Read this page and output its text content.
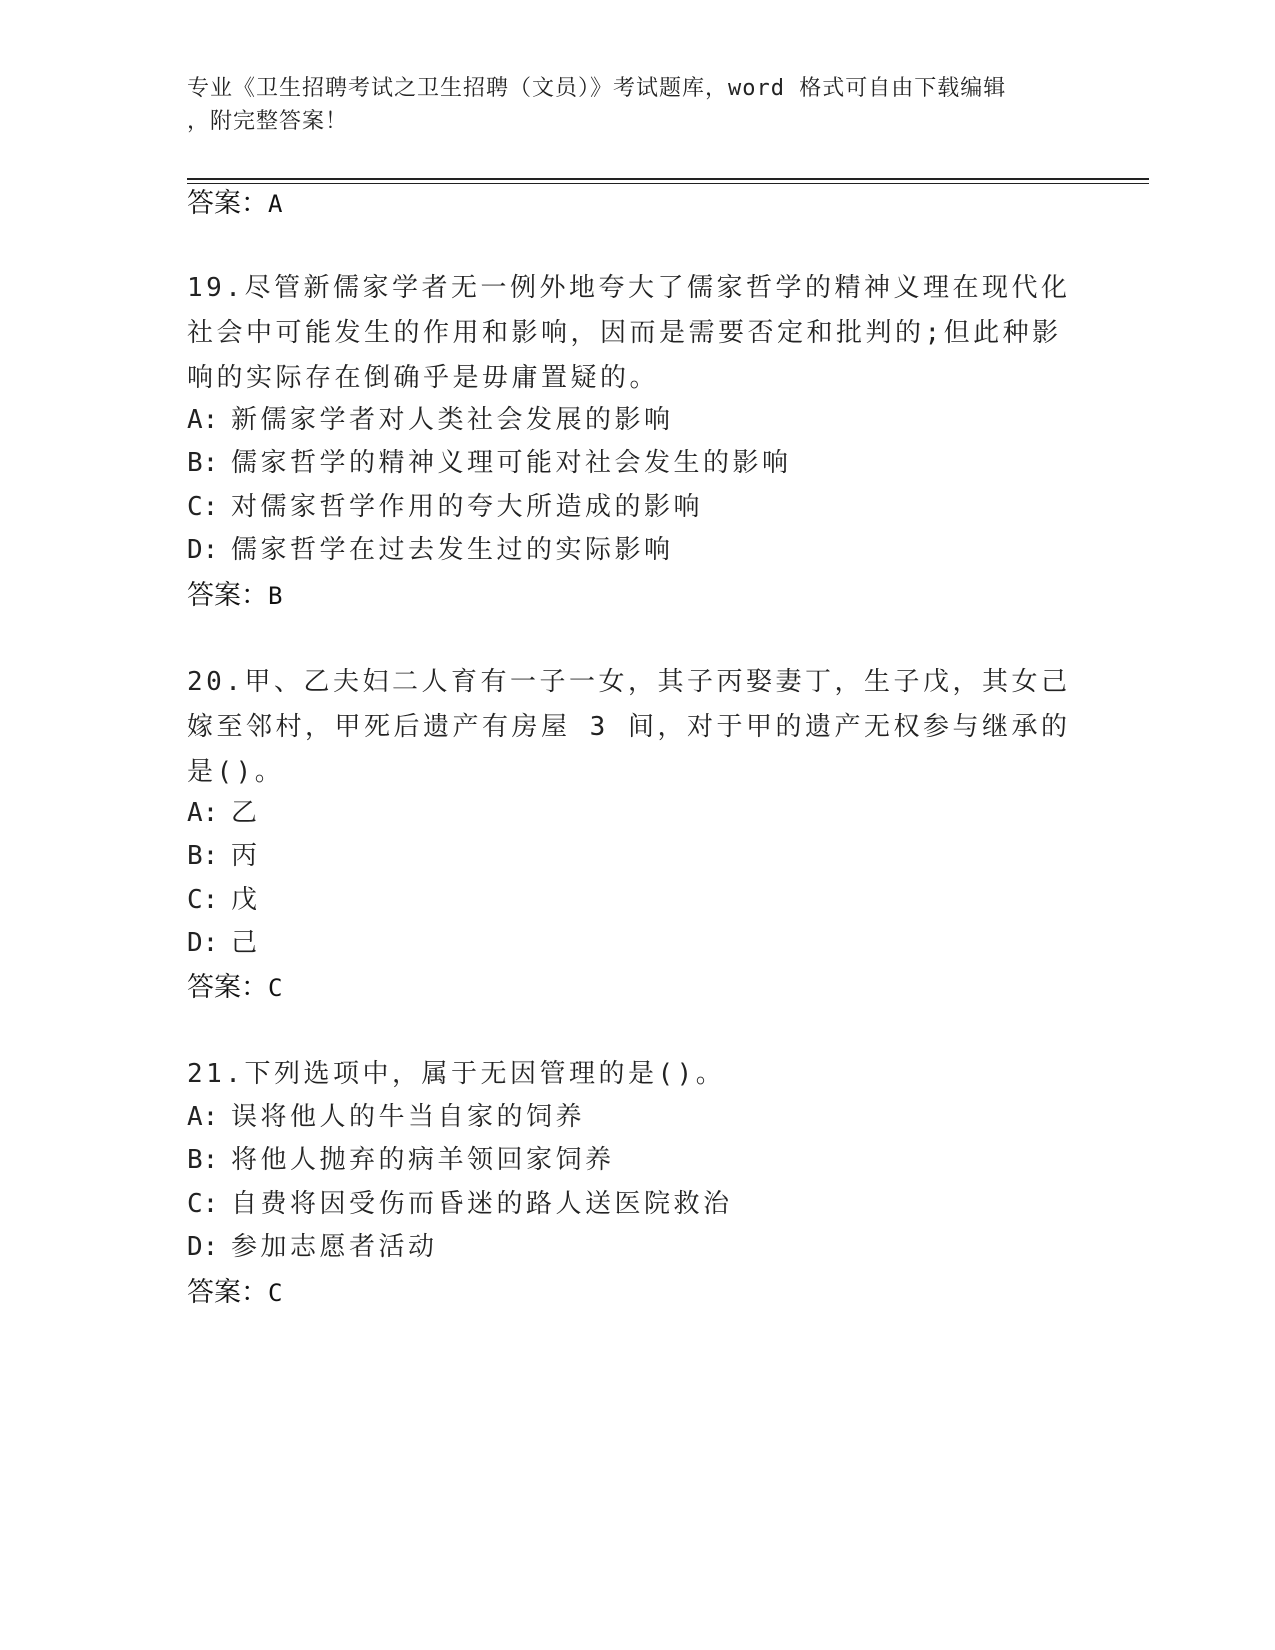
专业《卫生招聘考试之卫生招聘（文员）》考试题库，word 格式可自由下载编辑
，附完整答案！
答案：A
19.尽管新儒家学者无一例外地夸大了儒家哲学的精神义理在现代化社会中可能发生的作用和影响，因而是需要否定和批判的;但此种影响的实际存在倒确乎是毋庸置疑的。
A: 新儒家学者对人类社会发展的影响
B: 儒家哲学的精神义理可能对社会发生的影响
C: 对儒家哲学作用的夸大所造成的影响
D: 儒家哲学在过去发生过的实际影响
答案：B
20.甲、乙夫妇二人育有一子一女，其子丙娶妻丁，生子戊，其女己嫁至邻村，甲死后遗产有房屋 3 间，对于甲的遗产无权参与继承的是()。
A: 乙
B: 丙
C: 戊
D: 己
答案：C
21.下列选项中，属于无因管理的是()。
A: 误将他人的牛当自家的饲养
B: 将他人抛弃的病羊领回家饲养
C: 自费将因受伤而昏迷的路人送医院救治
D: 参加志愿者活动
答案：C
